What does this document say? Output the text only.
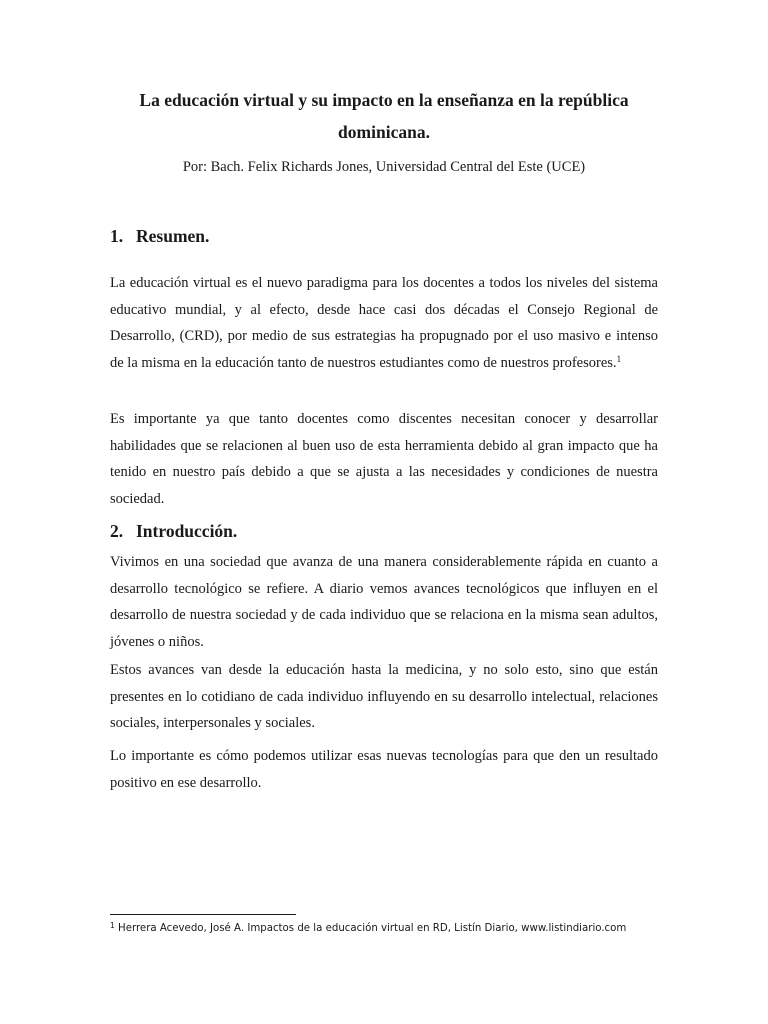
La educación virtual y su impacto en la enseñanza en la república dominicana.

Por: Bach. Felix Richards Jones, Universidad Central del Este (UCE)

1. Resumen.

La educación virtual es el nuevo paradigma para los docentes a todos los niveles del sistema educativo mundial, y al efecto, desde hace casi dos décadas el Consejo Regional de Desarrollo, (CRD), por medio de sus estrategias ha propugnado por el uso masivo e intenso de la misma en la educación tanto de nuestros estudiantes como de nuestros profesores.$^1$

Es importante ya que tanto docentes como discentes necesitan conocer y desarrollar habilidades que se relacionen al buen uso de esta herramienta debido al gran impacto que ha tenido en nuestro país debido a que se ajusta a las necesidades y condiciones de nuestra sociedad.

2. Introducción.

Vivimos en una sociedad que avanza de una manera considerablemente rápida en cuanto a desarrollo tecnológico se refiere. A diario vemos avances tecnológicos que influyen en el desarrollo de nuestra sociedad y de cada individuo que se relaciona en la misma sean adultos, jóvenes o niños.

Estos avances van desde la educación hasta la medicina, y no solo esto, sino que están presentes en lo cotidiano de cada individuo influyendo en su desarrollo intelectual, relaciones sociales, interpersonales y sociales.

Lo importante es cómo podemos utilizar esas nuevas tecnologías para que den un resultado positivo en ese desarrollo.

$^1$ Herrera Acevedo, José A. Impactos de la educación virtual en RD, Listín Diario, www.listindiario.com
